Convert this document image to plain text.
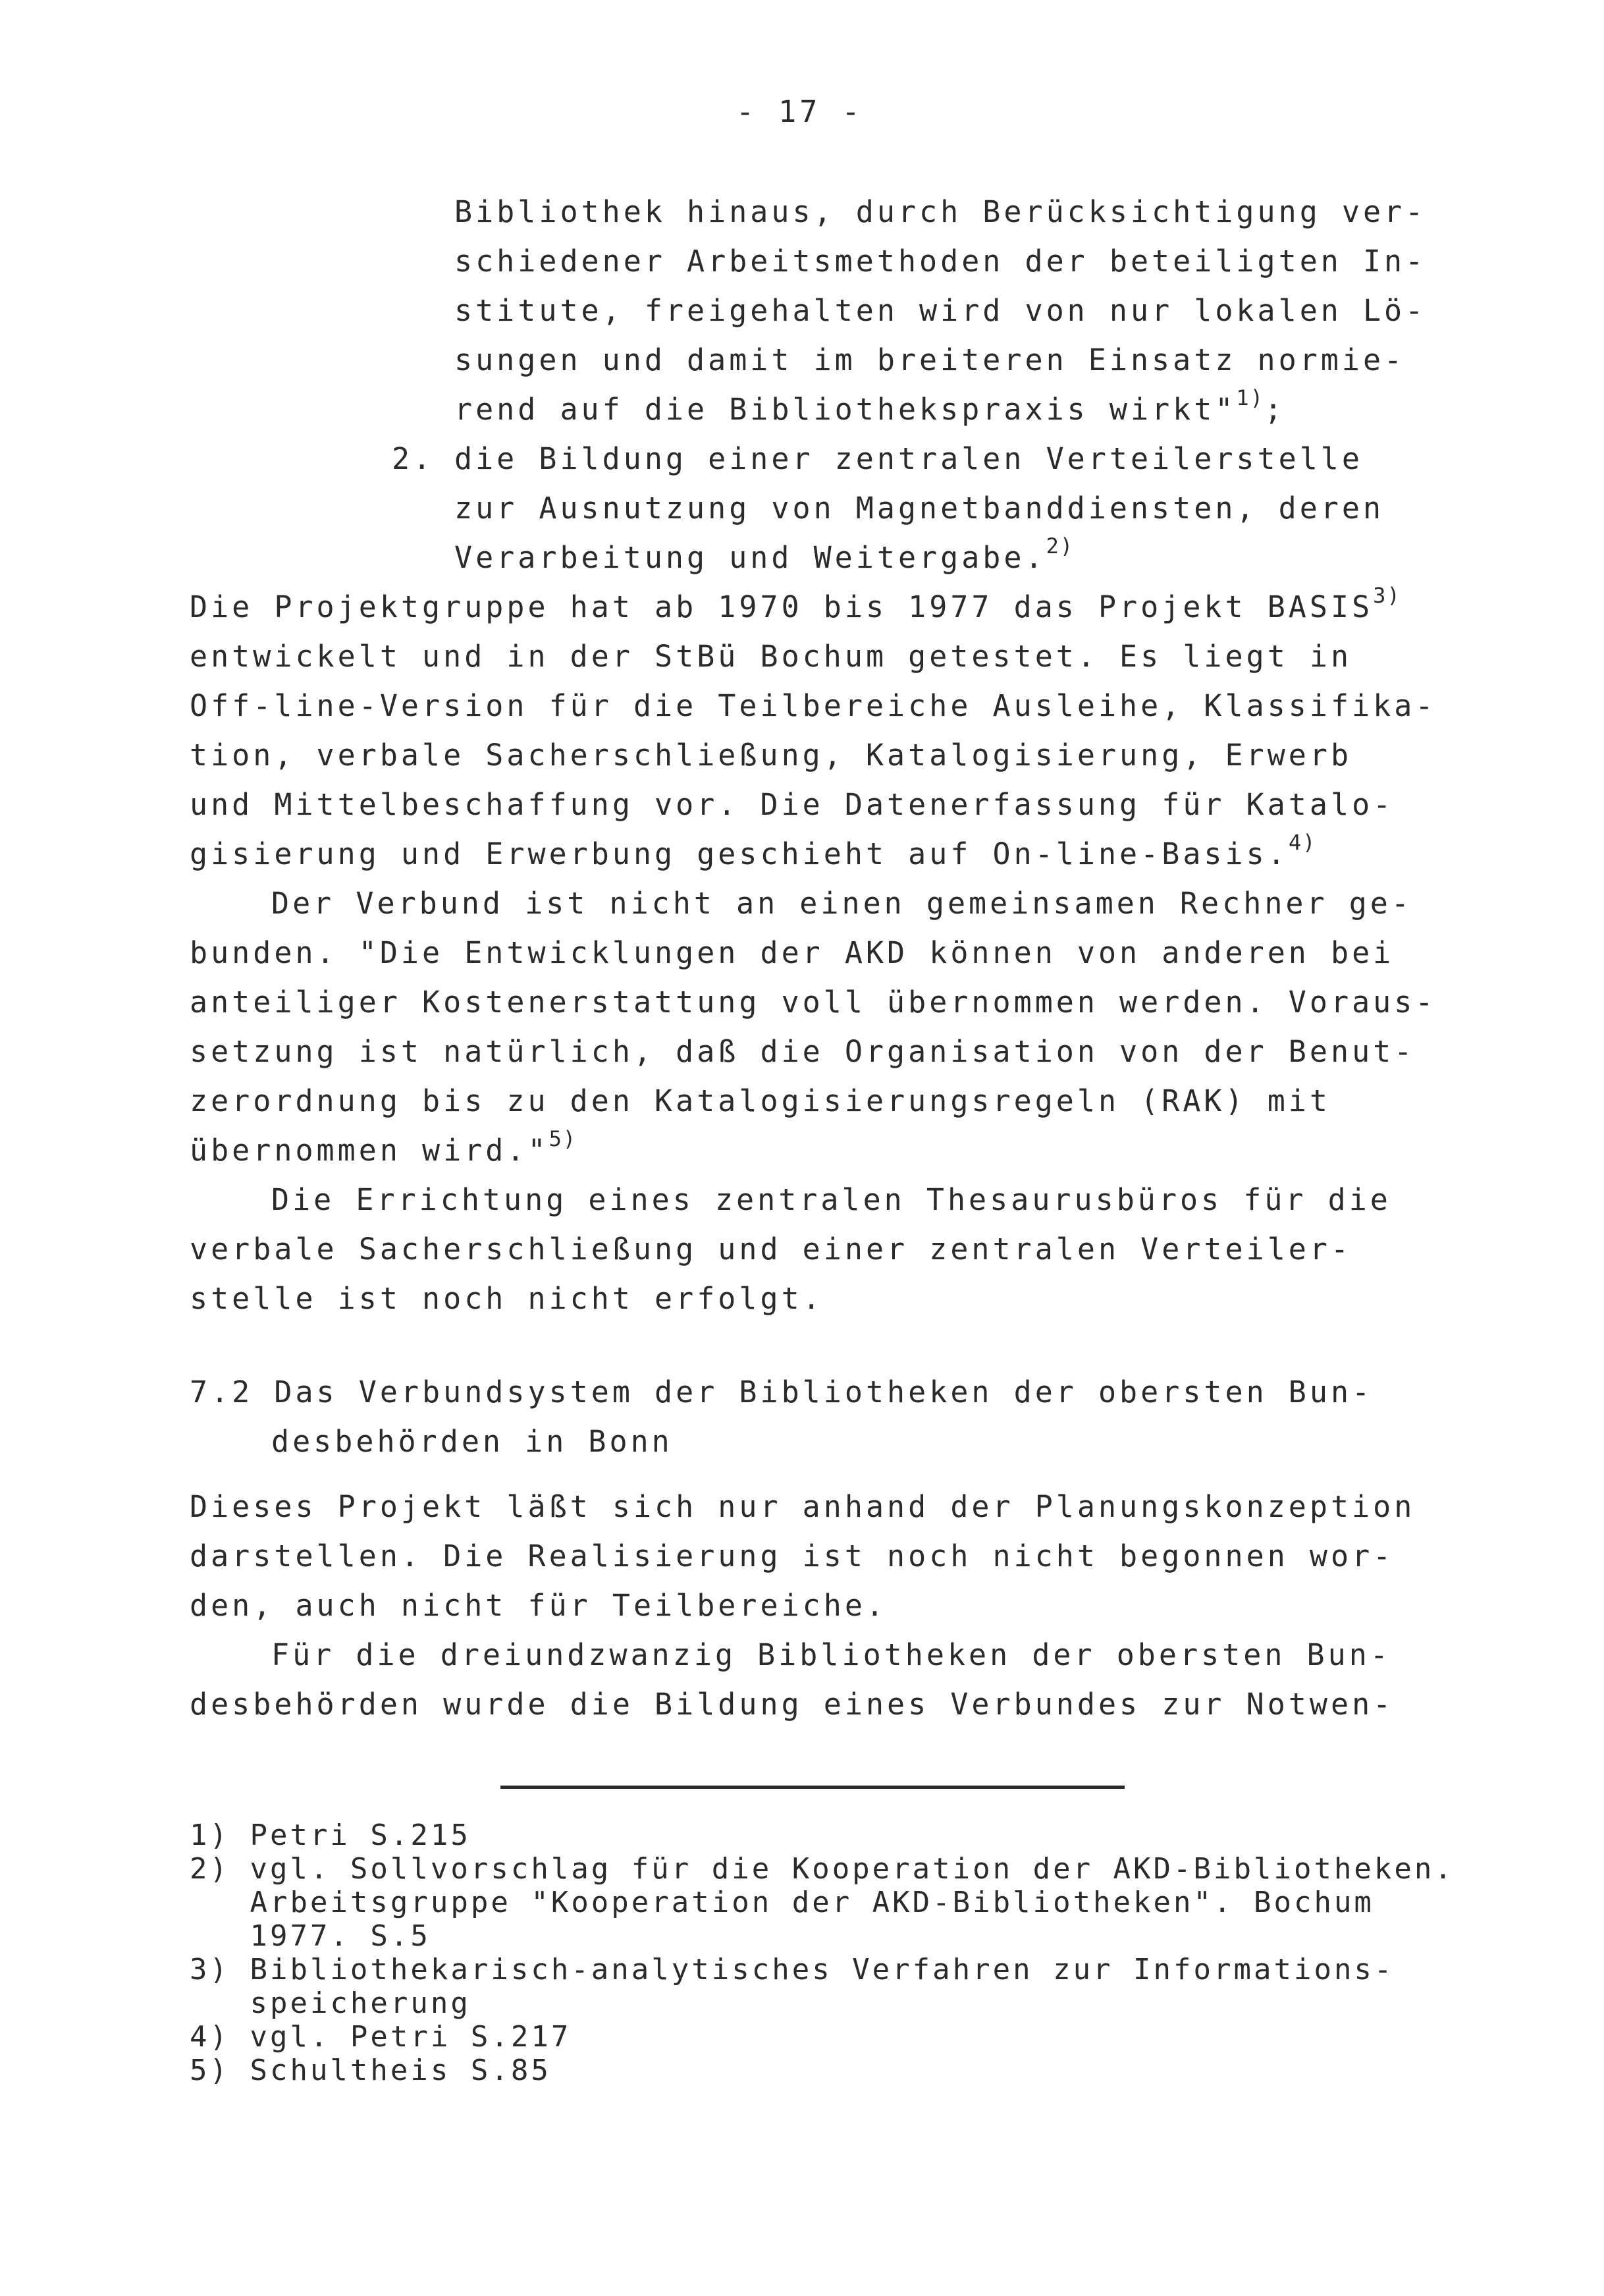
- 17 -
Bibliothek hinaus, durch Berücksichtigung ver-
schiedener Arbeitsmethoden der beteiligten In-
stitute, freigehalten wird von nur lokalen Lö-
sungen und damit im breiteren Einsatz normie-
rend auf die Bibliothekspraxis wirkt"$^{1)}$;
2. die Bildung einer zentralen Verteilerstelle
zur Ausnutzung von Magnetbanddiensten, deren
Verarbeitung und Weitergabe.$^{2)}$
Die Projektgruppe hat ab 1970 bis 1977 das Projekt BASIS$^{3)}$
entwickelt und in der StBü Bochum getestet. Es liegt in
Off-line-Version für die Teilbereiche Ausleihe, Klassifika-
tion, verbale Sacherschließung, Katalogisierung, Erwerb
und Mittelbeschaffung vor. Die Datenerfassung für Katalo-
gisierung und Erwerbung geschieht auf On-line-Basis.$^{4)}$
Der Verbund ist nicht an einen gemeinsamen Rechner ge-
bunden. "Die Entwicklungen der AKD können von anderen bei
anteiliger Kostenerstattung voll übernommen werden. Voraus-
setzung ist natürlich, daß die Organisation von der Benut-
zerordnung bis zu den Katalogisierungsregeln (RAK) mit
übernommen wird."$^{5)}$
Die Errichtung eines zentralen Thesaurusbüros für die
verbale Sacherschließung und einer zentralen Verteiler-
stelle ist noch nicht erfolgt.
7.2 Das Verbundsystem der Bibliotheken der obersten Bun-
desbehörden in Bonn
Dieses Projekt läßt sich nur anhand der Planungskonzeption
darstellen. Die Realisierung ist noch nicht begonnen wor-
den, auch nicht für Teilbereiche.
Für die dreiundzwanzig Bibliotheken der obersten Bun-
desbehörden wurde die Bildung eines Verbundes zur Notwen-
1) Petri S.215
2) vgl. Sollvorschlag für die Kooperation der AKD-Bibliotheken.
Arbeitsgruppe "Kooperation der AKD-Bibliotheken". Bochum
1977. S.5
3) Bibliothekarisch-analytisches Verfahren zur Informations-
speicherung
4) vgl. Petri S.217
5) Schultheis S.85
